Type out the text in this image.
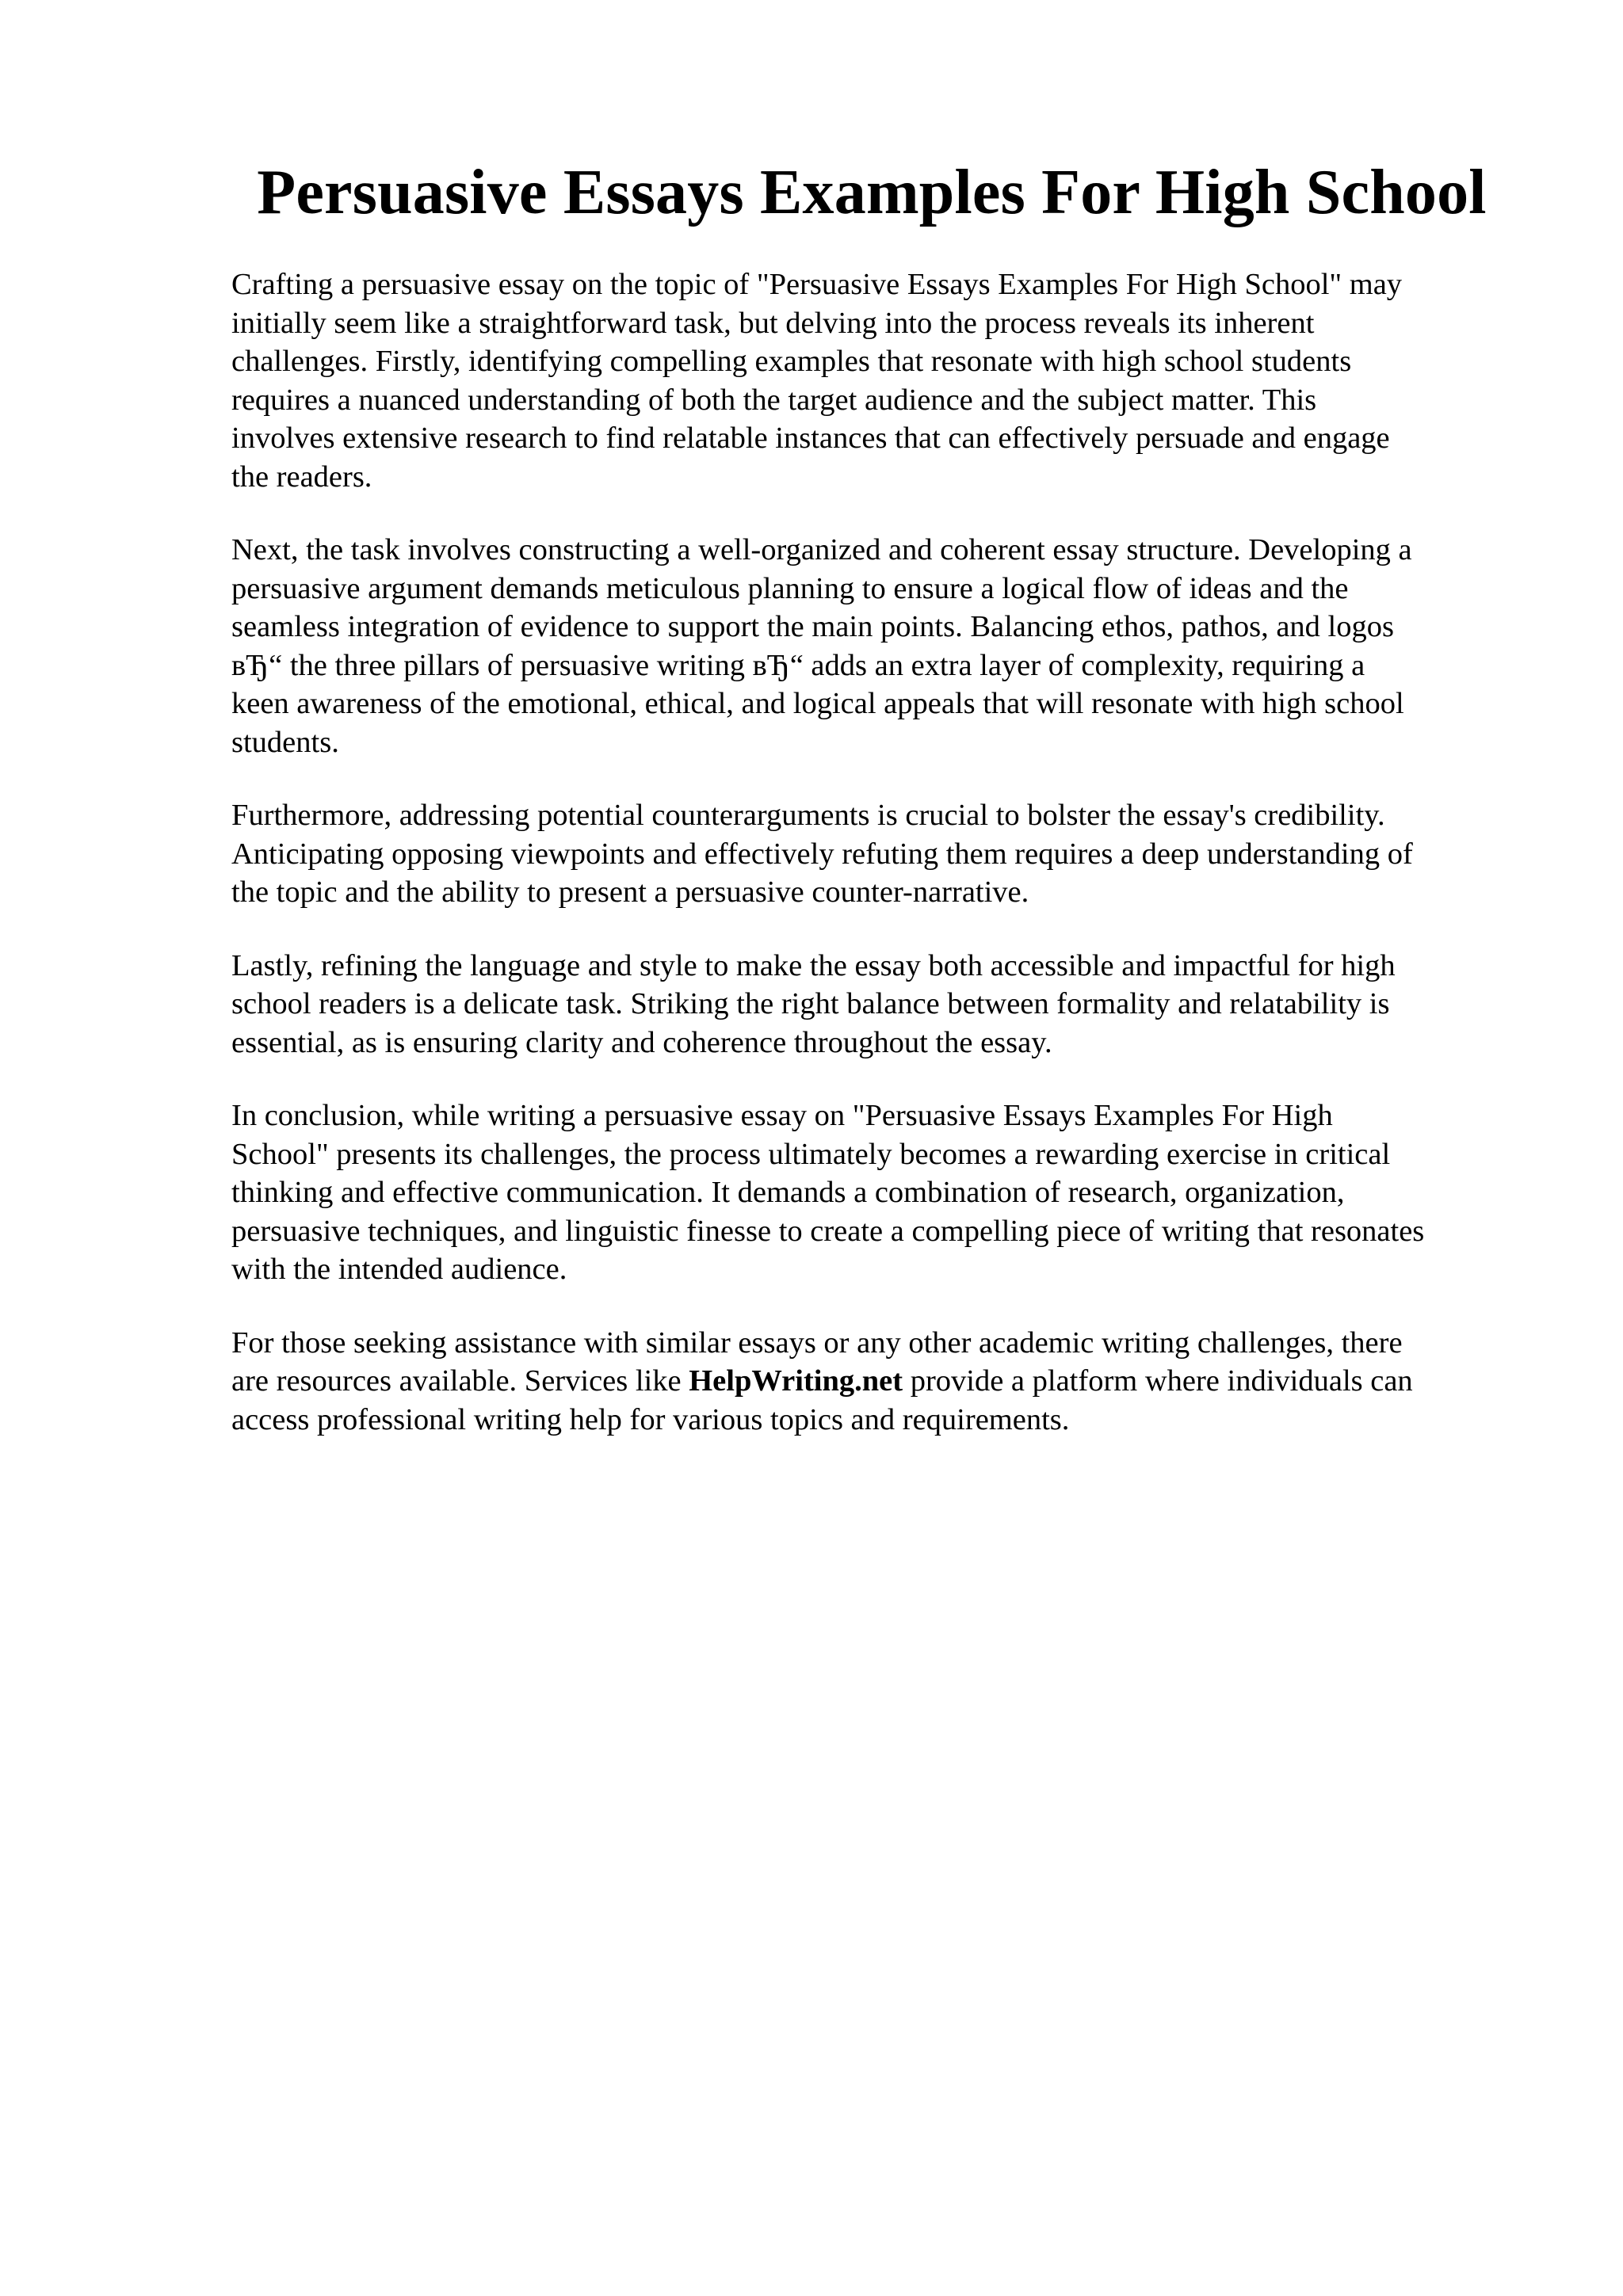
Persuasive Essays Examples For High School

Crafting a persuasive essay on the topic of "Persuasive Essays Examples For High School" may
initially seem like a straightforward task, but delving into the process reveals its inherent
challenges. Firstly, identifying compelling examples that resonate with high school students
requires a nuanced understanding of both the target audience and the subject matter. This
involves extensive research to find relatable instances that can effectively persuade and engage
the readers.

Next, the task involves constructing a well-organized and coherent essay structure. Developing a
persuasive argument demands meticulous planning to ensure a logical flow of ideas and the
seamless integration of evidence to support the main points. Balancing ethos, pathos, and logos
вЂ“ the three pillars of persuasive writing вЂ“ adds an extra layer of complexity, requiring a
keen awareness of the emotional, ethical, and logical appeals that will resonate with high school
students.

Furthermore, addressing potential counterarguments is crucial to bolster the essay's credibility.
Anticipating opposing viewpoints and effectively refuting them requires a deep understanding of
the topic and the ability to present a persuasive counter-narrative.

Lastly, refining the language and style to make the essay both accessible and impactful for high
school readers is a delicate task. Striking the right balance between formality and relatability is
essential, as is ensuring clarity and coherence throughout the essay.

In conclusion, while writing a persuasive essay on "Persuasive Essays Examples For High
School" presents its challenges, the process ultimately becomes a rewarding exercise in critical
thinking and effective communication. It demands a combination of research, organization,
persuasive techniques, and linguistic finesse to create a compelling piece of writing that resonates
with the intended audience.

For those seeking assistance with similar essays or any other academic writing challenges, there
are resources available. Services like HelpWriting.net provide a platform where individuals can
access professional writing help for various topics and requirements.
